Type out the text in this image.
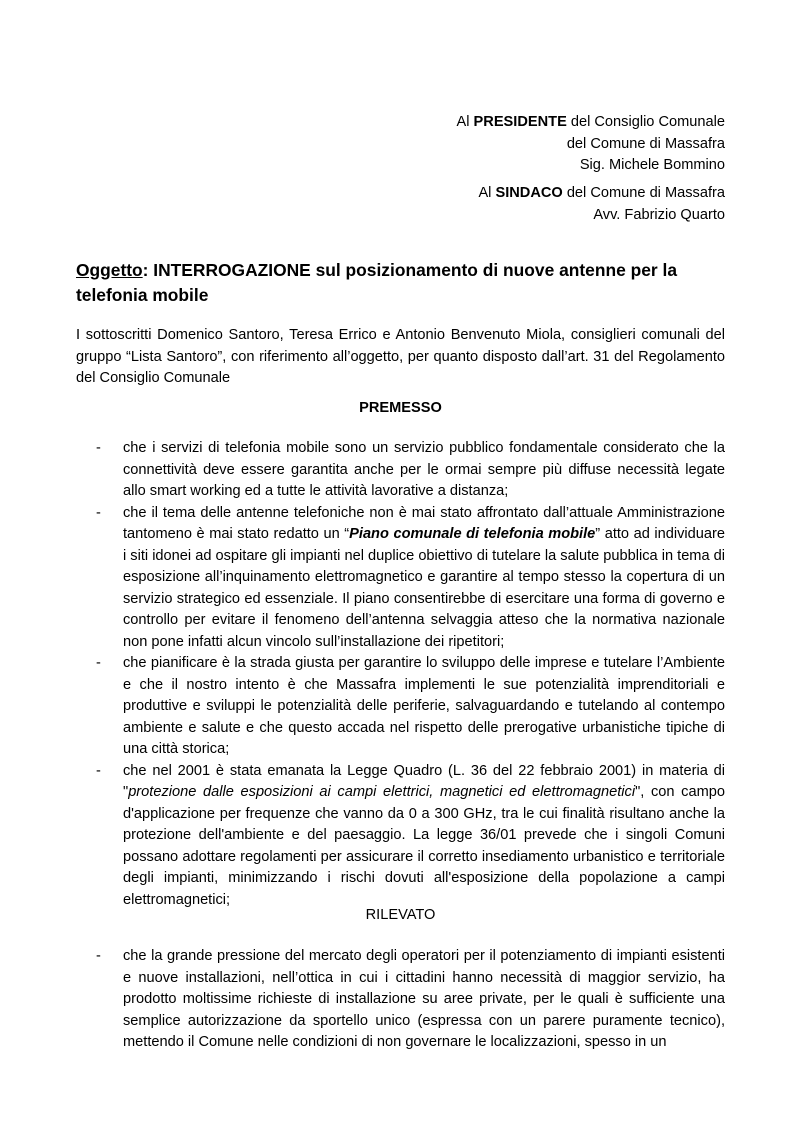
Al PRESIDENTE del Consiglio Comunale

del Comune di Massafra

Sig. Michele Bommino

Al SINDACO del Comune di Massafra

Avv. Fabrizio Quarto

Oggetto: INTERROGAZIONE sul posizionamento di nuove antenne per la telefonia mobile
I sottoscritti Domenico Santoro, Teresa Errico e Antonio Benvenuto Miola, consiglieri comunali del gruppo “Lista Santoro”, con riferimento all’oggetto, per quanto disposto dall’art. 31 del Regolamento del Consiglio Comunale
PREMESSO
- che i servizi di telefonia mobile sono un servizio pubblico fondamentale considerato che la connettività deve essere garantita anche per le ormai sempre più diffuse necessità legate allo smart working ed a tutte le attività lavorative a distanza;
- che il tema delle antenne telefoniche non è mai stato affrontato dall’attuale Amministrazione tantomeno è mai stato redatto un “Piano comunale di telefonia mobile” atto ad individuare i siti idonei ad ospitare gli impianti nel duplice obiettivo di tutelare la salute pubblica in tema di esposizione all’inquinamento elettromagnetico e garantire al tempo stesso la copertura di un servizio strategico ed essenziale. Il piano consentirebbe di esercitare una forma di governo e controllo per evitare il fenomeno dell’antenna selvaggia atteso che la normativa nazionale non pone infatti alcun vincolo sull’installazione dei ripetitori;
- che pianificare è la strada giusta per garantire lo sviluppo delle imprese e tutelare l’Ambiente e che il nostro intento è che Massafra implementi le sue potenzialità imprenditoriali e produttive e sviluppi le potenzialità delle periferie, salvaguardando e tutelando al contempo ambiente e salute e che questo accada nel rispetto delle prerogative urbanistiche tipiche di una città storica;
- che nel 2001 è stata emanata la Legge Quadro (L. 36 del 22 febbraio 2001) in materia di "protezione dalle esposizioni ai campi elettrici, magnetici ed elettromagnetici", con campo d'applicazione per frequenze che vanno da 0 a 300 GHz, tra le cui finalità risultano anche la protezione dell'ambiente e del paesaggio. La legge 36/01 prevede che i singoli Comuni possano adottare regolamenti per assicurare il corretto insediamento urbanistico e territoriale degli impianti, minimizzando i rischi dovuti all'esposizione della popolazione a campi elettromagnetici;
RILEVATO
- che la grande pressione del mercato degli operatori per il potenziamento di impianti esistenti e nuove installazioni, nell’ottica in cui i cittadini hanno necessità di maggior servizio, ha prodotto moltissime richieste di installazione su aree private, per le quali è sufficiente una semplice autorizzazione da sportello unico (espressa con un parere puramente tecnico), mettendo il Comune nelle condizioni di non governare le localizzazioni, spesso in un
